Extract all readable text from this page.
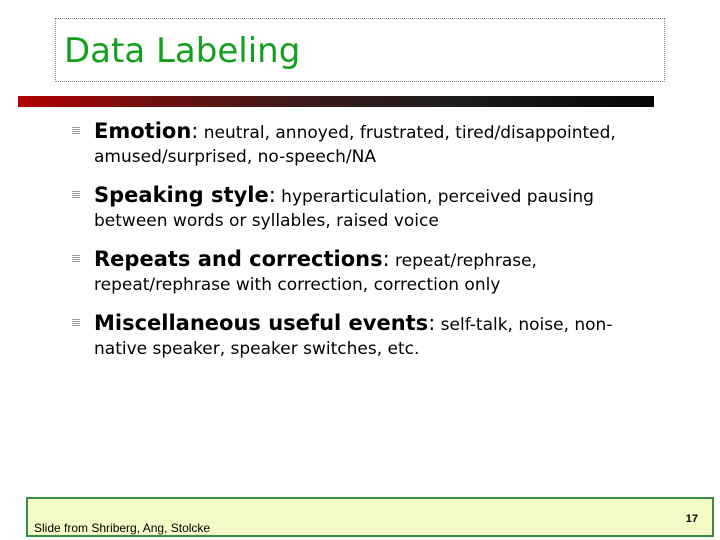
Data Labeling
Emotion: neutral, annoyed, frustrated, tired/disappointed,
amused/surprised, no-speech/NA
Speaking style: hyperarticulation, perceived pausing
between words or syllables, raised voice
Repeats and corrections: repeat/rephrase,
repeat/rephrase with correction, correction only
Miscellaneous useful events: self-talk, noise, non-
native speaker, speaker switches, etc.
Slide from Shriberg, Ang, Stolcke
17
